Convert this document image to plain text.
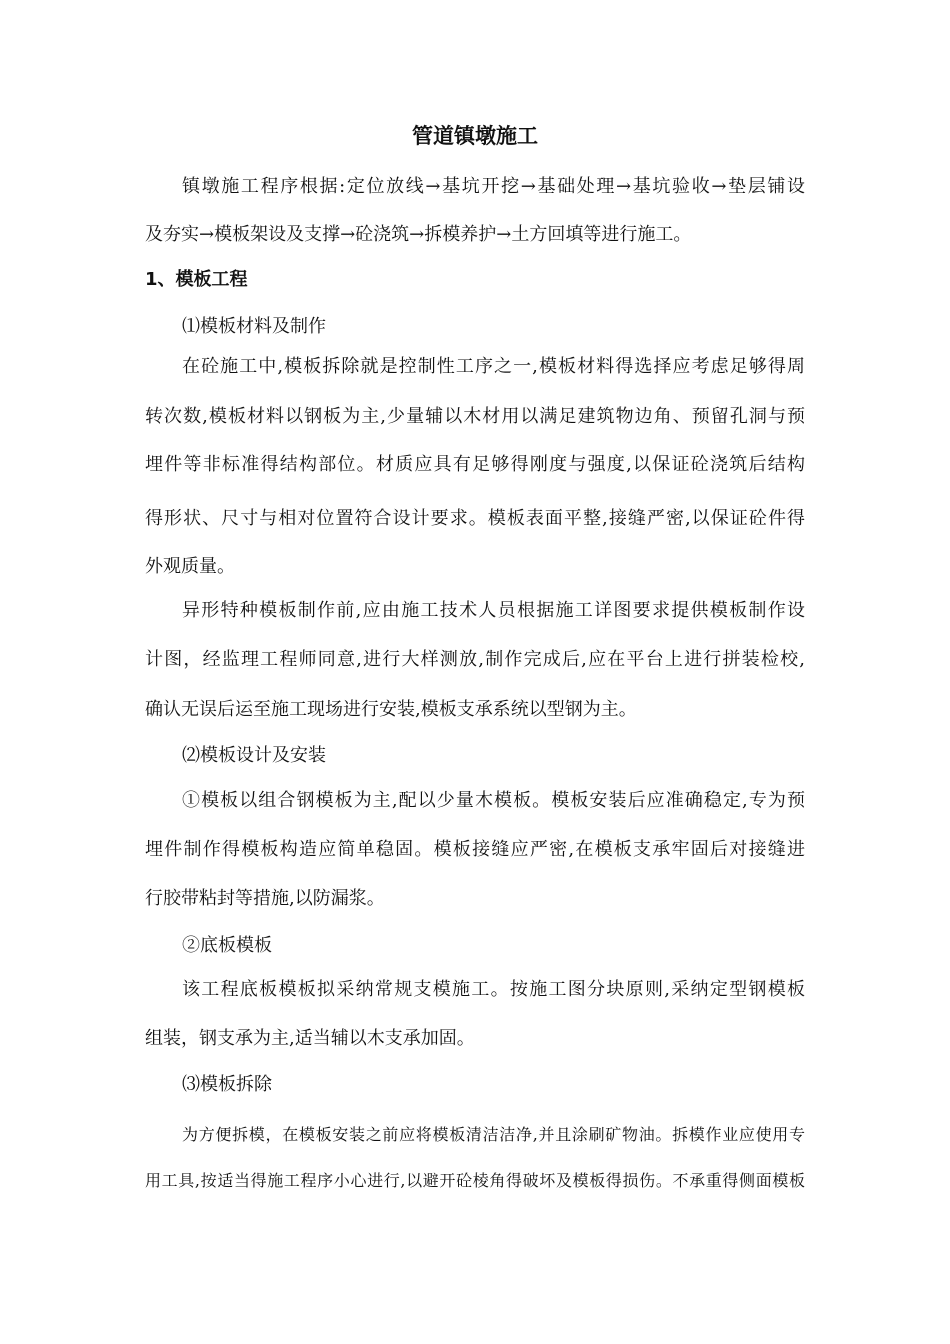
管道镇墩施工
镇墩施工程序根据:定位放线→基坑开挖→基础处理→基坑验收→垫层铺设
及夯实→模板架设及支撑→砼浇筑→拆模养护→土方回填等进行施工。
1、模板工程
⑴模板材料及制作
在砼施工中,模板拆除就是控制性工序之一,模板材料得选择应考虑足够得周
转次数,模板材料以钢板为主,少量辅以木材用以满足建筑物边角、预留孔洞与预
埋件等非标准得结构部位。材质应具有足够得刚度与强度,以保证砼浇筑后结构
得形状、尺寸与相对位置符合设计要求。模板表面平整,接缝严密,以保证砼件得
外观质量。
异形特种模板制作前,应由施工技术人员根据施工详图要求提供模板制作设
计图，经监理工程师同意,进行大样测放,制作完成后,应在平台上进行拼装检校,
确认无误后运至施工现场进行安装,模板支承系统以型钢为主。
⑵模板设计及安装
①模板以组合钢模板为主,配以少量木模板。模板安装后应准确稳定,专为预
埋件制作得模板构造应简单稳固。模板接缝应严密,在模板支承牢固后对接缝进
行胶带粘封等措施,以防漏浆。
②底板模板
该工程底板模板拟采纳常规支模施工。按施工图分块原则,采纳定型钢模板
组装，钢支承为主,适当辅以木支承加固。
⑶模板拆除
为方便拆模，在模板安装之前应将模板清洁洁净,并且涂刷矿物油。拆模作业应使用专
用工具,按适当得施工程序小心进行,以避开砼棱角得破坏及模板得损伤。不承重得侧面模板
